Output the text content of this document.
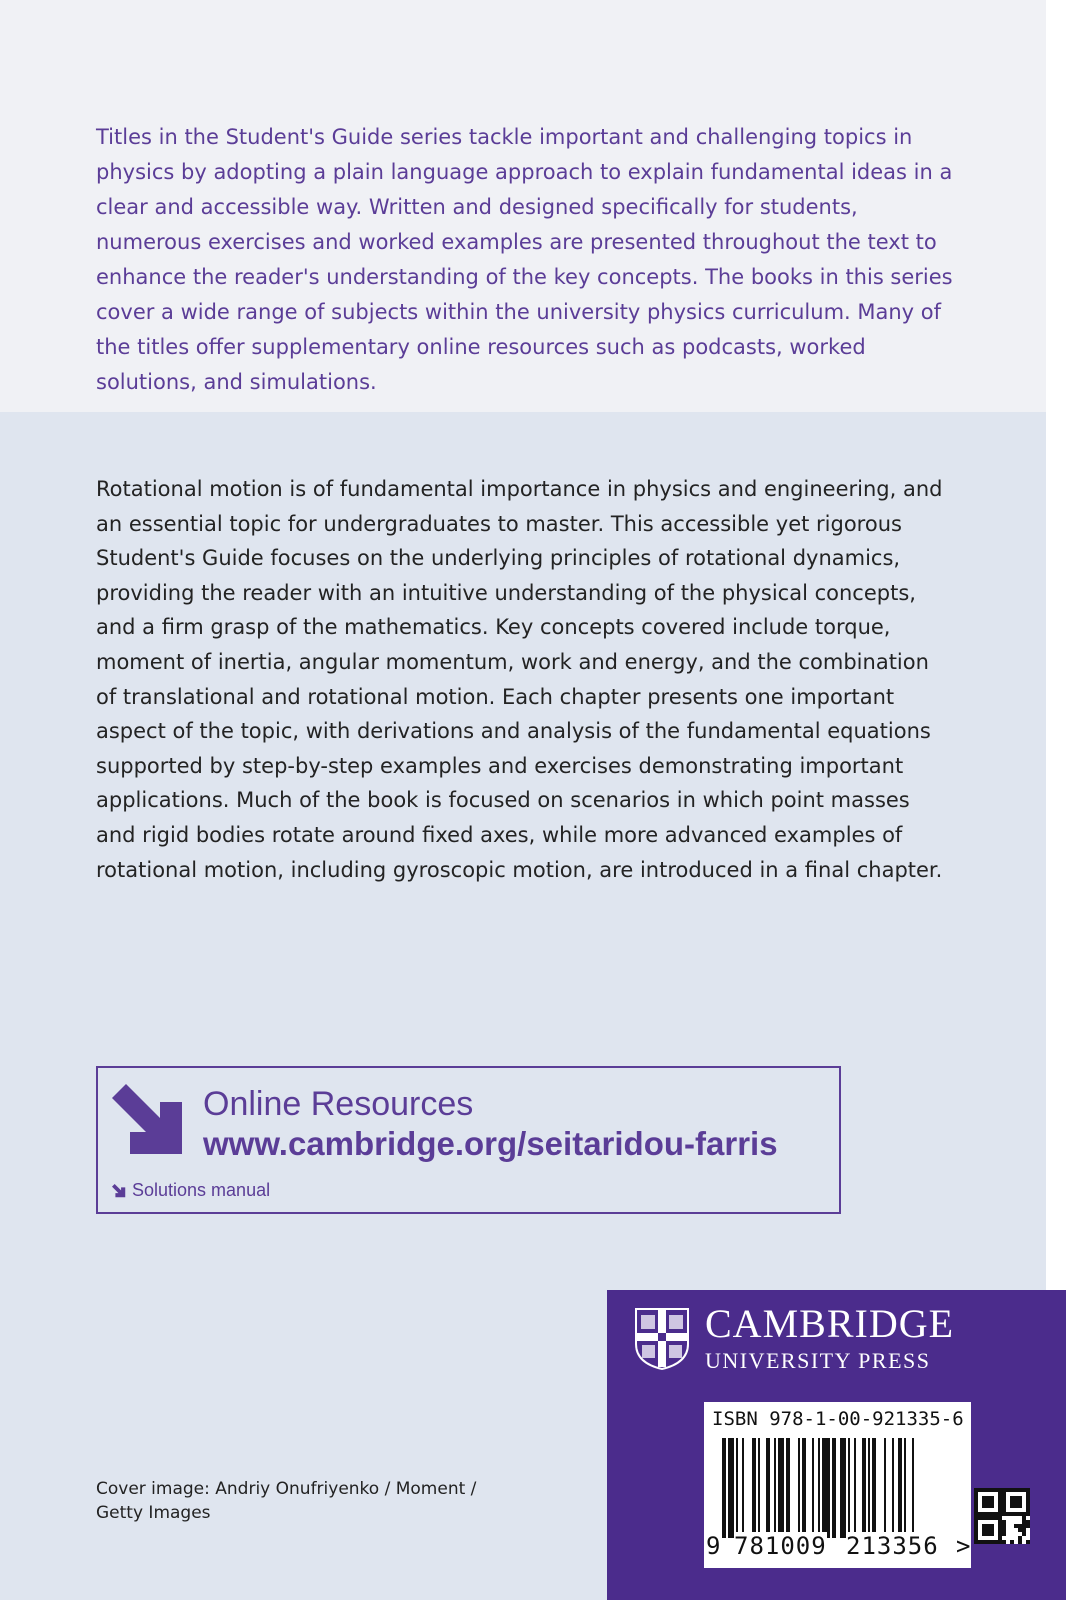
Titles in the Student's Guide series tackle important and challenging topics in physics by adopting a plain language approach to explain fundamental ideas in a clear and accessible way. Written and designed specifically for students, numerous exercises and worked examples are presented throughout the text to enhance the reader's understanding of the key concepts. The books in this series cover a wide range of subjects within the university physics curriculum. Many of the titles offer supplementary online resources such as podcasts, worked solutions, and simulations.

Rotational motion is of fundamental importance in physics and engineering, and an essential topic for undergraduates to master. This accessible yet rigorous Student's Guide focuses on the underlying principles of rotational dynamics, providing the reader with an intuitive understanding of the physical concepts, and a firm grasp of the mathematics. Key concepts covered include torque, moment of inertia, angular momentum, work and energy, and the combination of translational and rotational motion. Each chapter presents one important aspect of the topic, with derivations and analysis of the fundamental equations supported by step-by-step examples and exercises demonstrating important applications. Much of the book is focused on scenarios in which point masses and rigid bodies rotate around fixed axes, while more advanced examples of rotational motion, including gyroscopic motion, are introduced in a final chapter.

Online Resources
www.cambridge.org/seitaridou-farris
Solutions manual

Cover image: Andriy Onufriyenko / Moment / Getty Images

CAMBRIDGE
UNIVERSITY PRESS
ISBN 978-1-00-921335-6
9 781009 213356 >
